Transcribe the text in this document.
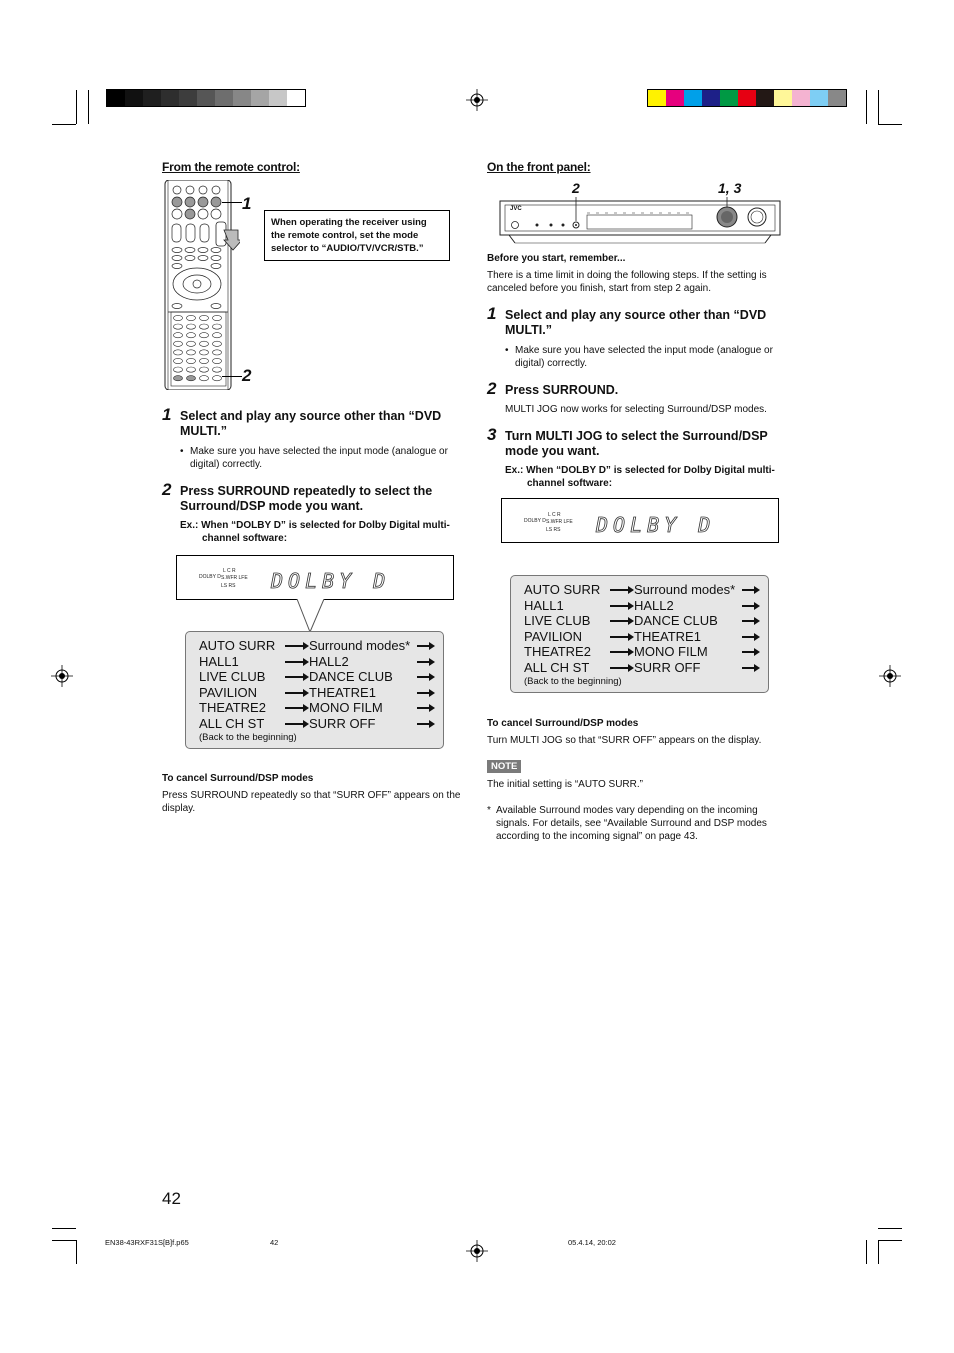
From the remote control:
1
2
When operating the receiver using the remote control, set the mode selector to “AUDIO/TV/VCR/STB.”
1 Select and play any source other than “DVD MULTI.”
• Make sure you have selected the input mode (analogue or digital) correctly.
2 Press SURROUND repeatedly to select the Surround/DSP mode you want.
Ex.: When “DOLBY D” is selected for Dolby Digital multi-channel software:
DOLBY D
L C R
S.WFR LFE
LS RS DOLBY D
AUTO SURR	Surround modes*
HALL1	HALL2
LIVE CLUB	DANCE CLUB
PAVILION	THEATRE1
THEATRE2	MONO FILM
ALL CH ST	SURR OFF
(Back to the beginning)
To cancel Surround/DSP modes
Press SURROUND repeatedly so that “SURR OFF” appears on the display.
On the front panel:
2	1, 3
JVC
Before you start, remember...
There is a time limit in doing the following steps. If the setting is canceled before you finish, start from step 2 again.
1 Select and play any source other than “DVD MULTI.”
• Make sure you have selected the input mode (analogue or digital) correctly.
2 Press SURROUND.
MULTI JOG now works for selecting Surround/DSP modes.
3 Turn MULTI JOG to select the Surround/DSP mode you want.
Ex.: When “DOLBY D” is selected for Dolby Digital multi-channel software:
DOLBY D
L C R
S.WFR LFE
LS RS DOLBY D
AUTO SURR	Surround modes*
HALL1	HALL2
LIVE CLUB	DANCE CLUB
PAVILION	THEATRE1
THEATRE2	MONO FILM
ALL CH ST	SURR OFF
(Back to the beginning)
To cancel Surround/DSP modes
Turn MULTI JOG so that “SURR OFF” appears on the display.
NOTE
The initial setting is “AUTO SURR.”
* Available Surround modes vary depending on the incoming signals. For details, see “Available Surround and DSP modes according to the incoming signal” on page 43.
42
EN38-43RXF31S[B]f.p65	42	05.4.14, 20:02
